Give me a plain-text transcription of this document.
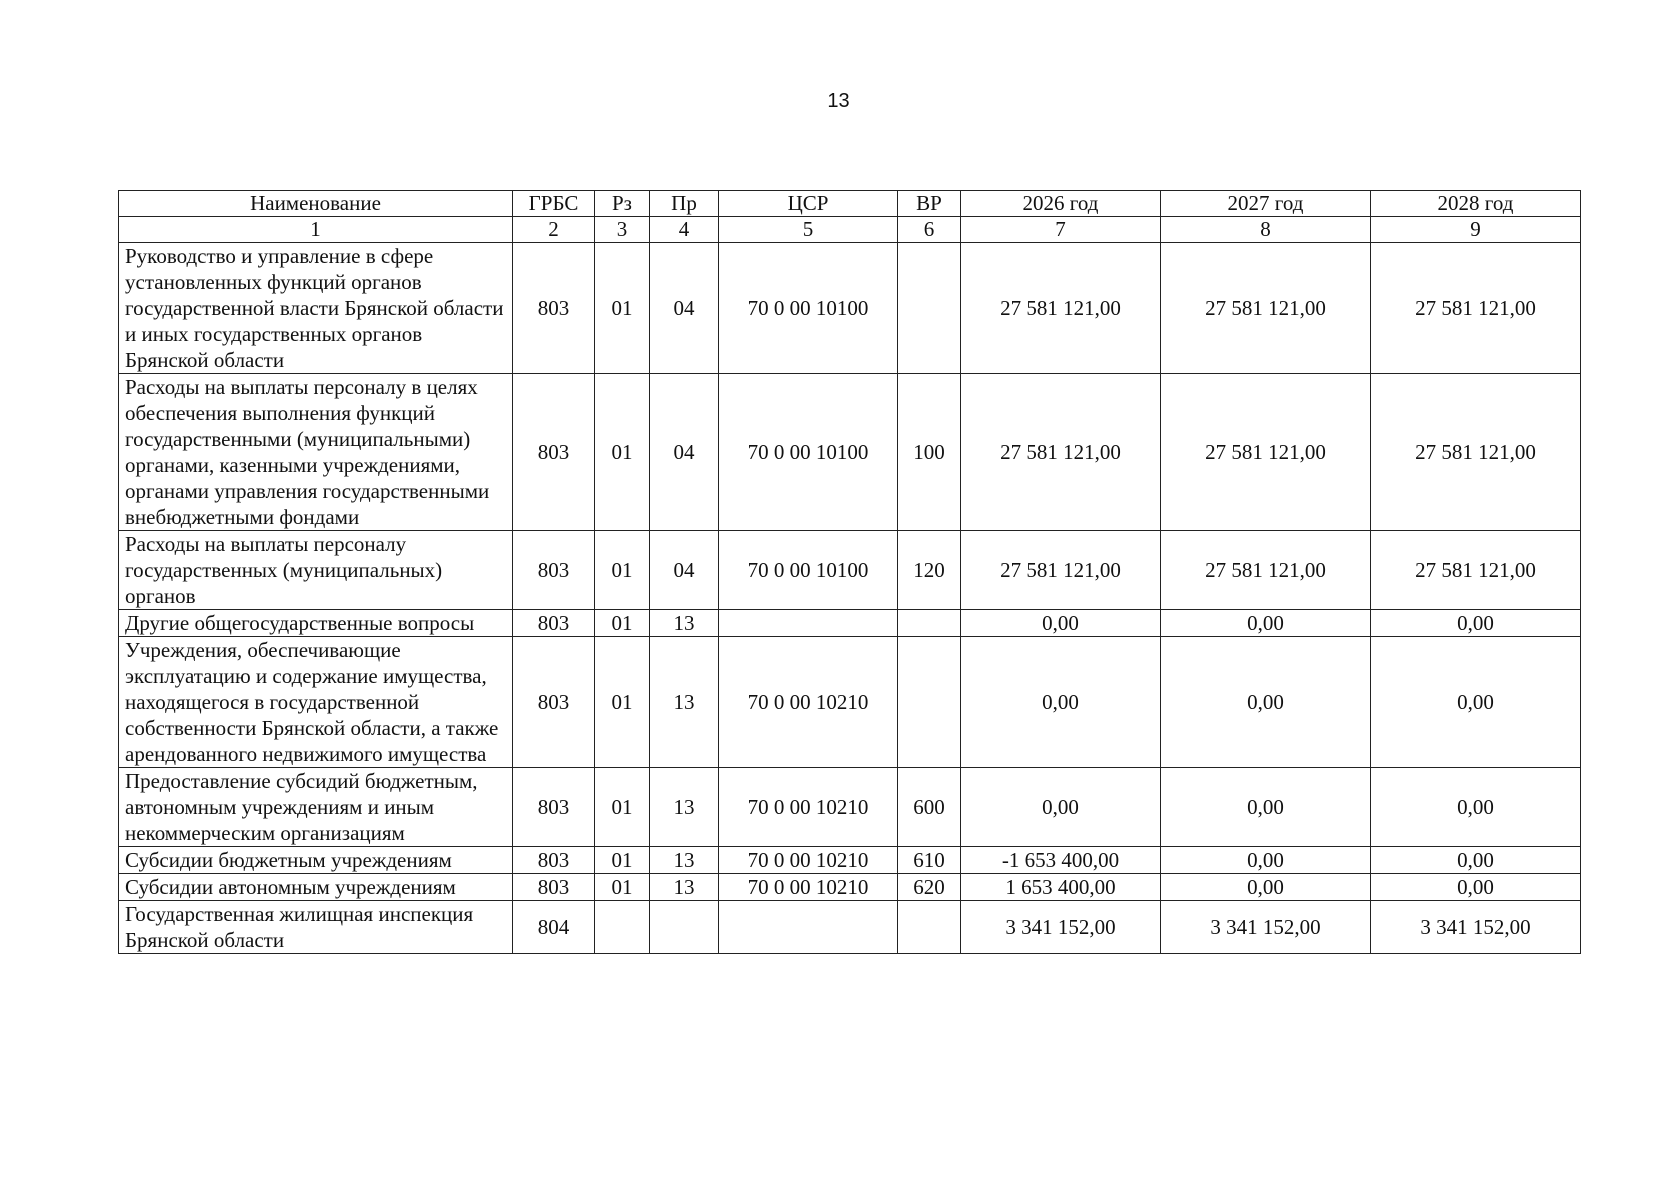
13
Наименование	ГРБС	Рз	Пр	ЦСР	ВР	2026 год	2027 год	2028 год
1	2	3	4	5	6	7	8	9
Руководство и управление в сфере установленных функций органов государственной власти Брянской области и иных государственных органов Брянской области	803	01	04	70 0 00 10100		27 581 121,00	27 581 121,00	27 581 121,00
Расходы на выплаты персоналу в целях обеспечения выполнения функций государственными (муниципальными) органами, казенными учреждениями, органами управления государственными внебюджетными фондами	803	01	04	70 0 00 10100	100	27 581 121,00	27 581 121,00	27 581 121,00
Расходы на выплаты персоналу государственных (муниципальных) органов	803	01	04	70 0 00 10100	120	27 581 121,00	27 581 121,00	27 581 121,00
Другие общегосударственные вопросы	803	01	13			0,00	0,00	0,00
Учреждения, обеспечивающие эксплуатацию и содержание имущества, находящегося в государственной собственности Брянской области, а также арендованного недвижимого имущества	803	01	13	70 0 00 10210		0,00	0,00	0,00
Предоставление субсидий бюджетным, автономным учреждениям и иным некоммерческим организациям	803	01	13	70 0 00 10210	600	0,00	0,00	0,00
Субсидии бюджетным учреждениям	803	01	13	70 0 00 10210	610	-1 653 400,00	0,00	0,00
Субсидии автономным учреждениям	803	01	13	70 0 00 10210	620	1 653 400,00	0,00	0,00
Государственная жилищная инспекция Брянской области	804					3 341 152,00	3 341 152,00	3 341 152,00
